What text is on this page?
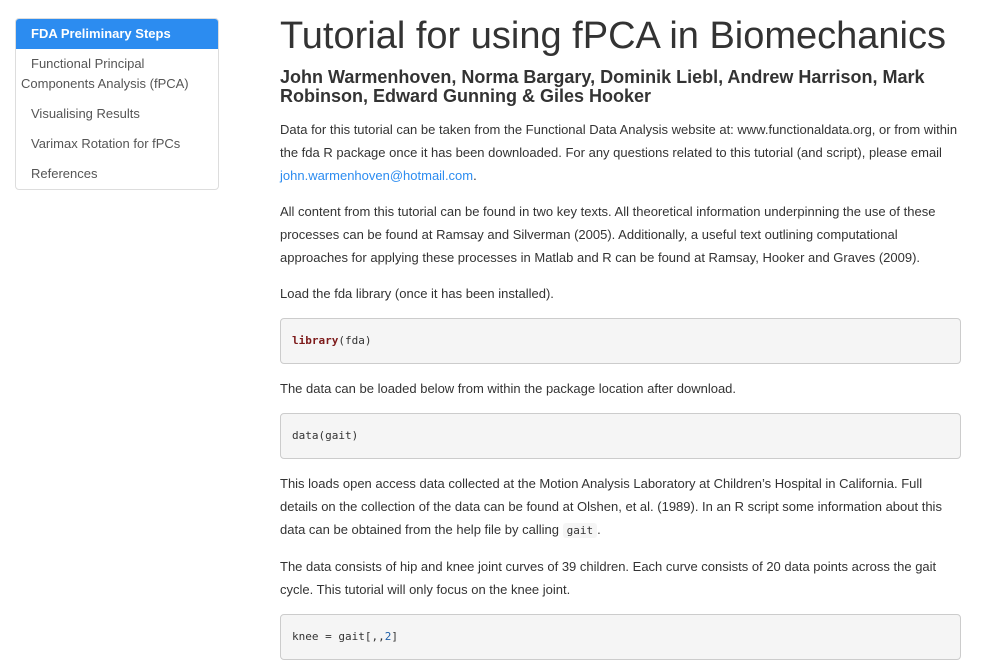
FDA Preliminary Steps
Functional Principal Components Analysis (fPCA)
Visualising Results
Varimax Rotation for fPCs
References
Tutorial for using fPCA in Biomechanics
John Warmenhoven, Norma Bargary, Dominik Liebl, Andrew Harrison, Mark Robinson, Edward Gunning & Giles Hooker

Data for this tutorial can be taken from the Functional Data Analysis website at: www.functionaldata.org, or from within the fda R package once it has been downloaded. For any questions related to this tutorial (and script), please email john.warmenhoven@hotmail.com.

All content from this tutorial can be found in two key texts. All theoretical information underpinning the use of these processes can be found at Ramsay and Silverman (2005). Additionally, a useful text outlining computational approaches for applying these processes in Matlab and R can be found at Ramsay, Hooker and Graves (2009).

Load the fda library (once it has been installed).

library(fda)

The data can be loaded below from within the package location after download.

data(gait)

This loads open access data collected at the Motion Analysis Laboratory at Children’s Hospital in California. Full details on the collection of the data can be found at Olshen, et al. (1989). In an R script some information about this data can be obtained from the help file by calling gait .

The data consists of hip and knee joint curves of 39 children. Each curve consists of 20 data points across the gait cycle. This tutorial will only focus on the knee joint.

knee = gait[,,2]
